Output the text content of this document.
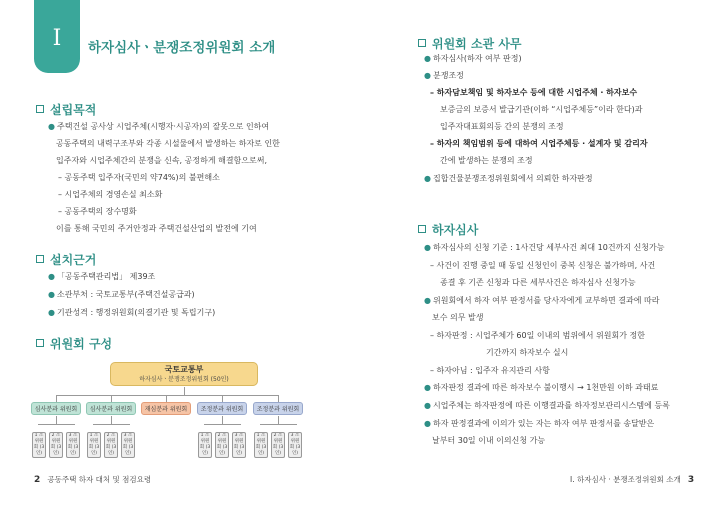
I	하자심사ㆍ분쟁조정위원회 소개
설립목적
● 주택건설 공사상 시업주체(시행자·시공자)의 잘못으로 인하여
공동주택의 내력구조부와 각종 시설물에서 발생하는 하자로 인한
입주자와 시업주체간의 분쟁을 신속, 공정하게 해결함으로써,
– 공동주택 입주자(국민의 약74%)의 불편해소
– 시업주체의 경영손실 최소화
– 공동주택의 장수명화
이를 통해 국민의 주거안정과 주택건설산업의 발전에 기여
설치근거
● 「공동주택관리법」 제39조
● 소관부처 : 국토교통부(주택건설공급과)
● 기관성격 : 행정위원회(의결기관 및 독립기구)
위원회 구성
국토교통부
하자심사ㆍ분쟁조정위원회 (50인)
심사분과 위원회	심사분과 위원회	재심분과 위원회	조정분과 위원회	조정분과 위원회
1 소위원회 (3인)
2 소위원회 (3인)
3 소위원회 (3인)
1 소위원회 (3인)
2 소위원회 (3인)
3 소위원회 (3인)
1 소위원회 (3인)
2 소위원회 (3인)
3 소위원회 (3인)
1 소위원회 (3인)
2 소위원회 (3인)
3 소위원회 (3인)
2 공동주택 하자 대처 및 점검요령
위원회 소관 사무
● 하자심사(하자 여부 판정)
● 분쟁조정
– 하자담보책임 및 하자보수 등에 대한 시업주체 · 하자보수
보증금의 보증서 발급기관(이하 “시업주체등”이라 한다)과
입주자대표회의등 간의 분쟁의 조정
– 하자의 책임범위 등에 대하여 시업주체등 · 설계자 및 감리자
간에 발생하는 분쟁의 조정
● 집합건물분쟁조정위원회에서 의뢰한 하자판정
하자심사
● 하자심사의 신청 기준 : 1사건당 세부사건 최대 10건까지 신청가능
– 사건이 진행 중일 때 동일 신청인이 중복 신청은 불가하며, 사건
종결 후 기존 신청과 다른 세부사건은 하자심사 신청가능
● 위원회에서 하자 여부 판정서를 당사자에게 교부하면 결과에 따라
보수 의무 발생
– 하자판정 : 시업주체가 60일 이내의 범위에서 위원회가 정한
기간까지 하자보수 실시
– 하자아님 : 입주자 유지관리 사항
● 하자판정 결과에 따른 하자보수 불이행시 → 1천만원 이하 과태료
● 시업주체는 하자판정에 따른 이행결과를 하자정보관리시스템에 등록
● 하자 판정결과에 이의가 있는 자는 하자 여부 판정서를 송달받은
날부터 30일 이내 이의신청 가능
Ⅰ. 하자심사 · 분쟁조정위원회 소개 3
